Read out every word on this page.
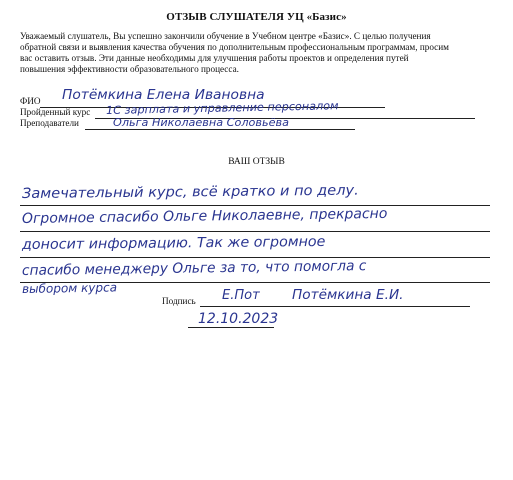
ОТЗЫВ СЛУШАТЕЛЯ УЦ «Базис»
Уважаемый слушатель, Вы успешно закончили обучение в Учебном центре «Базис». С целью получения
обратной связи и выявления качества обучения по дополнительным профессиональным программам, просим
вас оставить отзыв. Эти данные необходимы для улучшения работы проектов и определения путей
повышения эффективности образовательного процесса.
ФИО Потёмкина Елена Ивановна
Пройденный курс 1С зарплата и управление персоналом
Преподаватели	Ольга Николаевна Соловьёва
ВАШ ОТЗЫВ
Замечательный курс, всё кратко и по делу.
Огромное спасибо Ольге Николаевне, прекрасно
доносит информацию. Так же огромное
спасибо менеджеру Ольге за то, что помогла с
выбором курса
Подпись Е.Пот Потёмкина Е.И.
12.10.2023
